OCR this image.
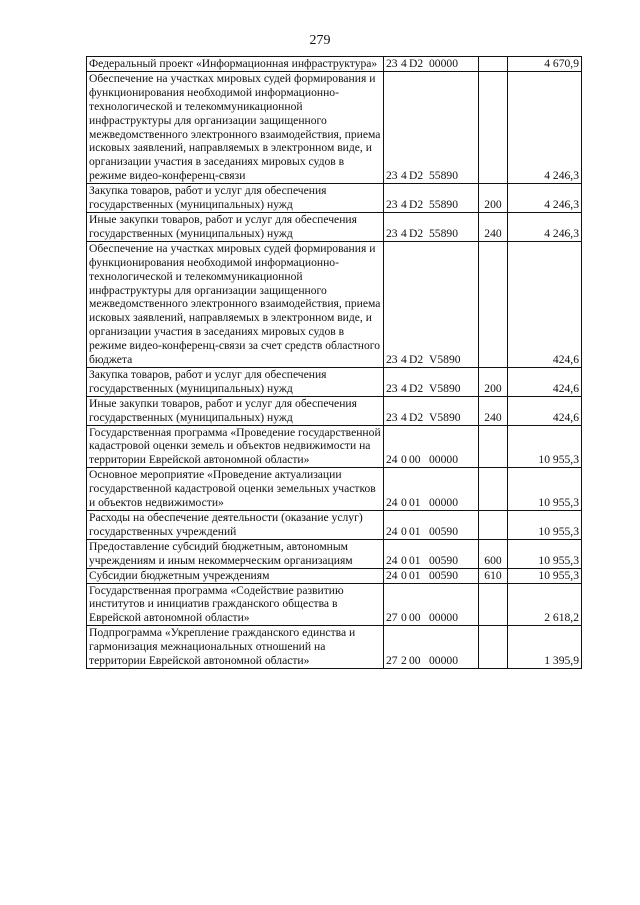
279
Федеральный проект «Информационная инфраструктура»	23 4 D2 00000		4 670,9
Обеспечение на участках мировых судей формирования и функционирования необходимой информационно-технологической и телекоммуникационной инфраструктуры для организации защищенного межведомственного электронного взаимодействия, приема исковых заявлений, направляемых в электронном виде, и организации участия в заседаниях мировых судов в режиме видео-конференц-связи	23 4 D2 55890		4 246,3
Закупка товаров, работ и услуг для обеспечения государственных (муниципальных) нужд	23 4 D2 55890	200	4 246,3
Иные закупки товаров, работ и услуг для обеспечения государственных (муниципальных) нужд	23 4 D2 55890	240	4 246,3
Обеспечение на участках мировых судей формирования и функционирования необходимой информационно-технологической и телекоммуникационной инфраструктуры для организации защищенного межведомственного электронного взаимодействия, приема исковых заявлений, направляемых в электронном виде, и организации участия в заседаниях мировых судов в режиме видео-конференц-связи за счет средств областного бюджета	23 4 D2 V5890		424,6
Закупка товаров, работ и услуг для обеспечения государственных (муниципальных) нужд	23 4 D2 V5890	200	424,6
Иные закупки товаров, работ и услуг для обеспечения государственных (муниципальных) нужд	23 4 D2 V5890	240	424,6
Государственная программа «Проведение государственной кадастровой оценки земель и объектов недвижимости на территории Еврейской автономной области»	24 0 00 00000		10 955,3
Основное мероприятие «Проведение актуализации государственной кадастровой оценки земельных участков и объектов недвижимости»	24 0 01 00000		10 955,3
Расходы на обеспечение деятельности (оказание услуг) государственных учреждений	24 0 01 00590		10 955,3
Предоставление субсидий бюджетным, автономным учреждениям и иным некоммерческим организациям	24 0 01 00590	600	10 955,3
Субсидии бюджетным учреждениям	24 0 01 00590	610	10 955,3
Государственная программа «Содействие развитию институтов и инициатив гражданского общества в Еврейской автономной области»	27 0 00 00000		2 618,2
Подпрограмма «Укрепление гражданского единства и гармонизация межнациональных отношений на территории Еврейской автономной области»	27 2 00 00000		1 395,9
